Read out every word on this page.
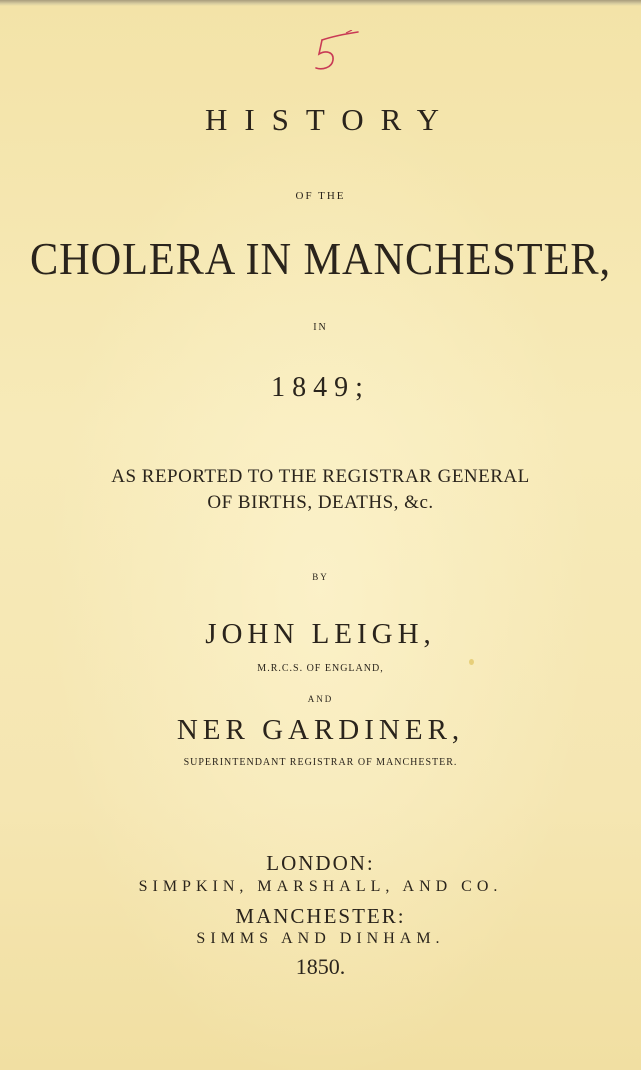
HISTORY
OF THE
CHOLERA IN MANCHESTER,
IN
1849;
AS REPORTED TO THE REGISTRAR GENERAL
OF BIRTHS, DEATHS, &c.
BY
JOHN LEIGH,
M.R.C.S. OF ENGLAND,
AND
NER GARDINER,
SUPERINTENDANT REGISTRAR OF MANCHESTER.
LONDON:
SIMPKIN, MARSHALL, AND CO.
MANCHESTER:
SIMMS AND DINHAM.
1850.
